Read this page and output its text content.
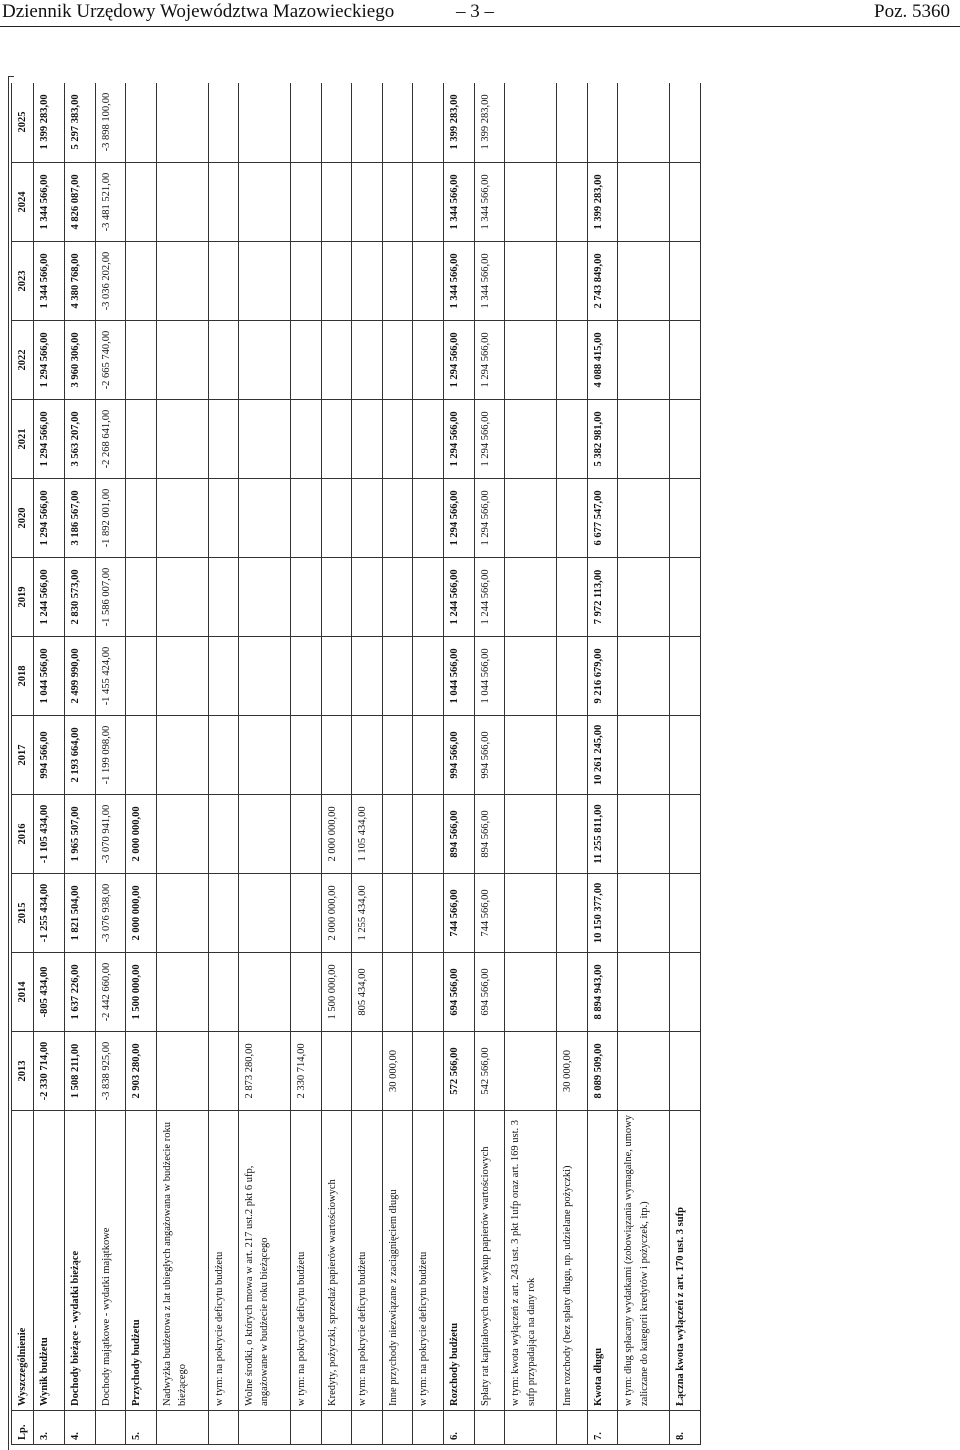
Dziennik Urzędowy Województwa Mazowieckiego	– 3 –	Poz. 5360
Lp.	Wyszczególnienie	2013	2014	2015	2016	2017	2018	2019	2020	2021	2022	2023	2024	2025
3.	Wynik budżetu	-2 330 714,00	-805 434,00	-1 255 434,00	-1 105 434,00	994 566,00	1 044 566,00	1 244 566,00	1 294 566,00	1 294 566,00	1 294 566,00	1 344 566,00	1 344 566,00	1 399 283,00
4.	Dochody bieżące - wydatki bieżące	1 508 211,00	1 637 226,00	1 821 504,00	1 965 507,00	2 193 664,00	2 499 990,00	2 830 573,00	3 186 567,00	3 563 207,00	3 960 306,00	4 380 768,00	4 826 087,00	5 297 383,00
	Dochody majątkowe - wydatki majątkowe	-3 838 925,00	-2 442 660,00	-3 076 938,00	-3 070 941,00	-1 199 098,00	-1 455 424,00	-1 586 007,00	-1 892 001,00	-2 268 641,00	-2 665 740,00	-3 036 202,00	-3 481 521,00	-3 898 100,00
5.	Przychody budżetu	2 903 280,00	1 500 000,00	2 000 000,00	2 000 000,00									
	Nadwyżka budżetowa z lat ubiegłych angażowana w budżecie roku bieżącego													
	w tym: na pokrycie deficytu budżetu													
	Wolne środki, o których mowa w art. 217 ust.2 pkt 6 ufp, angażowane w budżecie roku bieżącego	2 873 280,00												
	w tym: na pokrycie deficytu budżetu	2 330 714,00												
	Kredyty, pożyczki, sprzedaż papierów wartościowych		1 500 000,00	2 000 000,00	2 000 000,00									
	w tym: na pokrycie deficytu budżetu		805 434,00	1 255 434,00	1 105 434,00									
	Inne przychody niezwiązane z zaciągnięciem długu	30 000,00												
	w tym: na pokrycie deficytu budżetu													
6.	Rozchody budżetu	572 566,00	694 566,00	744 566,00	894 566,00	994 566,00	1 044 566,00	1 244 566,00	1 294 566,00	1 294 566,00	1 294 566,00	1 344 566,00	1 344 566,00	1 399 283,00
	Spłaty rat kapitałowych oraz wykup papierów wartościowych	542 566,00	694 566,00	744 566,00	894 566,00	994 566,00	1 044 566,00	1 244 566,00	1 294 566,00	1 294 566,00	1 294 566,00	1 344 566,00	1 344 566,00	1 399 283,00
	w tym: kwota wyłączeń z art. 243 ust. 3 pkt 1ufp oraz art. 169 ust. 3 sufp przypadająca na dany rok													
	Inne rozchody (bez spłaty długu, np. udzielane pożyczki)	30 000,00												
7.	Kwota długu	8 089 509,00	8 894 943,00	10 150 377,00	11 255 811,00	10 261 245,00	9 216 679,00	7 972 113,00	6 677 547,00	5 382 981,00	4 088 415,00	2 743 849,00	1 399 283,00	
	w tym: dług spłacany wydatkami (zobowiązania wymagalne, umowy zaliczane do kategorii kredytów i pożyczek, itp.)													
8.	Łączna kwota wyłączeń z art. 170 ust. 3 sufp													
